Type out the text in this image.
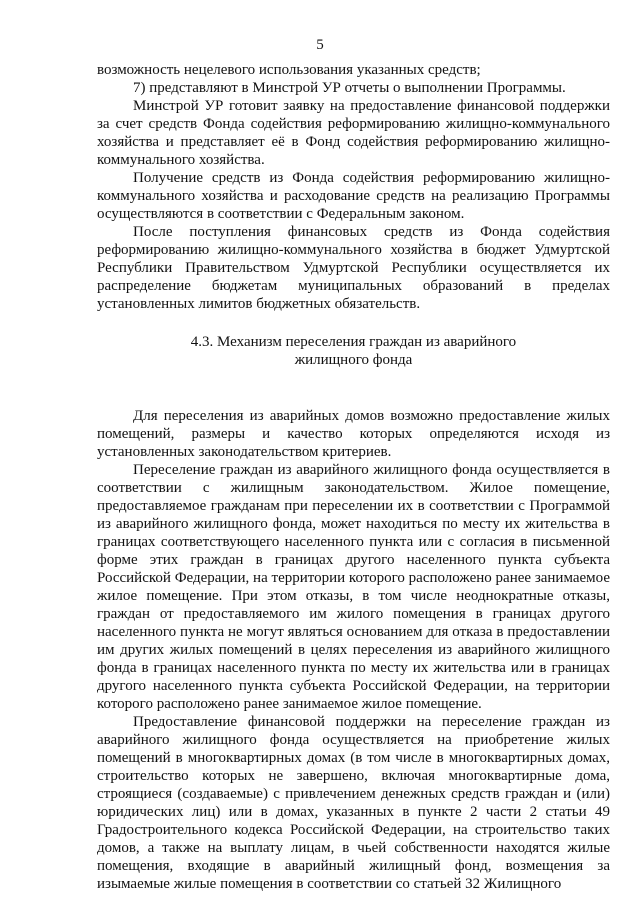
5

возможность нецелевого использования указанных средств;

7) представляют в Минстрой УР отчеты о выполнении Программы.

Минстрой УР готовит заявку на предоставление финансовой поддержки за счет средств Фонда содействия реформированию жилищно-коммунального хозяйства и представляет её в Фонд содействия реформированию жилищно-коммунального хозяйства.

Получение средств из Фонда содействия реформированию жилищно-коммунального хозяйства и расходование средств на реализацию Программы осуществляются в соответствии с Федеральным законом.

После поступления финансовых средств из Фонда содействия реформированию жилищно-коммунального хозяйства в бюджет Удмуртской Республики Правительством Удмуртской Республики осуществляется их распределение бюджетам муниципальных образований в пределах установленных лимитов бюджетных обязательств.

4.3. Механизм переселения граждан из аварийного
жилищного фонда

Для переселения из аварийных домов возможно предоставление жилых помещений, размеры и качество которых определяются исходя из установленных законодательством критериев.

Переселение граждан из аварийного жилищного фонда осуществляется в соответствии с жилищным законодательством. Жилое помещение, предоставляемое гражданам при переселении их в соответствии с Программой из аварийного жилищного фонда, может находиться по месту их жительства в границах соответствующего населенного пункта или с согласия в письменной форме этих граждан в границах другого населенного пункта субъекта Российской Федерации, на территории которого расположено ранее занимаемое жилое помещение. При этом отказы, в том числе неоднократные отказы, граждан от предоставляемого им жилого помещения в границах другого населенного пункта не могут являться основанием для отказа в предоставлении им других жилых помещений в целях переселения из аварийного жилищного фонда в границах населенного пункта по месту их жительства или в границах другого населенного пункта субъекта Российской Федерации, на территории которого расположено ранее занимаемое жилое помещение.

Предоставление финансовой поддержки на переселение граждан из аварийного жилищного фонда осуществляется на приобретение жилых помещений в многоквартирных домах (в том числе в многоквартирных домах, строительство которых не завершено, включая многоквартирные дома, строящиеся (создаваемые) с привлечением денежных средств граждан и (или) юридических лиц) или в домах, указанных в пункте 2 части 2 статьи 49 Градостроительного кодекса Российской Федерации, на строительство таких домов, а также на выплату лицам, в чьей собственности находятся жилые помещения, входящие в аварийный жилищный фонд, возмещения за изымаемые жилые помещения в соответствии со статьей 32 Жилищного
